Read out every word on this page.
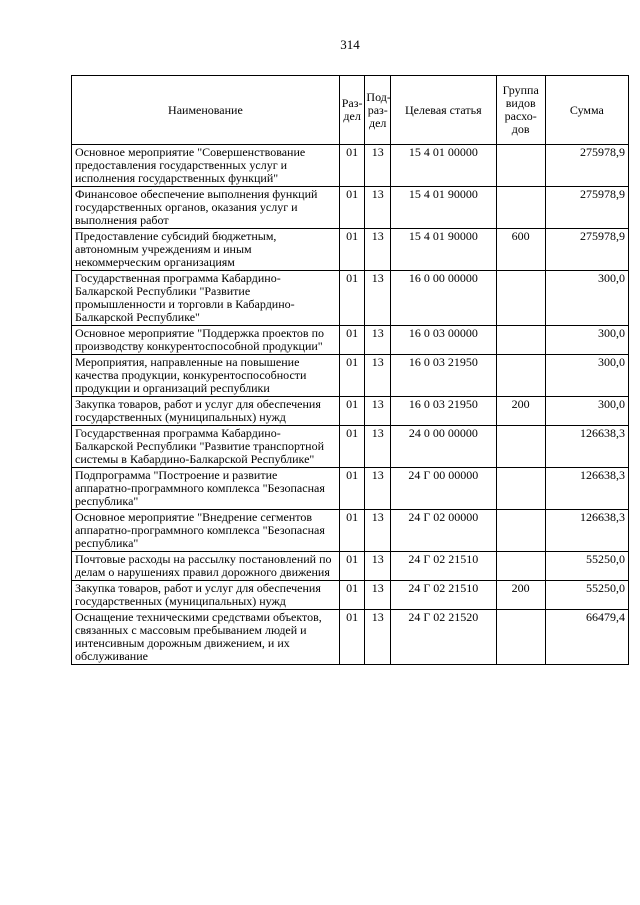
314
Наименование	Раз-дел	Под-раз-дел	Целевая статья	Группа видов расхо-дов	Сумма
Основное мероприятие "Совершенствование предоставления государственных услуг и исполнения государственных функций"	01	13	15 4 01 00000		275978,9
Финансовое обеспечение выполнения функций государственных органов, оказания услуг и выполнения работ	01	13	15 4 01 90000		275978,9
Предоставление субсидий бюджетным, автономным учреждениям и иным некоммерческим организациям	01	13	15 4 01 90000	600	275978,9
Государственная программа Кабардино-Балкарской Республики "Развитие промышленности и торговли в Кабардино-Балкарской Республике"	01	13	16 0 00 00000		300,0
Основное мероприятие "Поддержка проектов по производству конкурентоспособной продукции"	01	13	16 0 03 00000		300,0
Мероприятия, направленные на повышение качества продукции, конкурентоспособности продукции и организаций республики	01	13	16 0 03 21950		300,0
Закупка товаров, работ и услуг для обеспечения государственных (муниципальных) нужд	01	13	16 0 03 21950	200	300,0
Государственная программа Кабардино-Балкарской Республики "Развитие транспортной системы в Кабардино-Балкарской Республике"	01	13	24 0 00 00000		126638,3
Подпрограмма "Построение и развитие аппаратно-программного комплекса "Безопасная республика"	01	13	24 Г 00 00000		126638,3
Основное мероприятие "Внедрение сегментов аппаратно-программного комплекса "Безопасная республика"	01	13	24 Г 02 00000		126638,3
Почтовые расходы на рассылку постановлений по делам о нарушениях правил дорожного движения	01	13	24 Г 02 21510		55250,0
Закупка товаров, работ и услуг для обеспечения государственных (муниципальных) нужд	01	13	24 Г 02 21510	200	55250,0
Оснащение техническими средствами объектов, связанных с массовым пребыванием людей и интенсивным дорожным движением, и их обслуживание	01	13	24 Г 02 21520		66479,4
